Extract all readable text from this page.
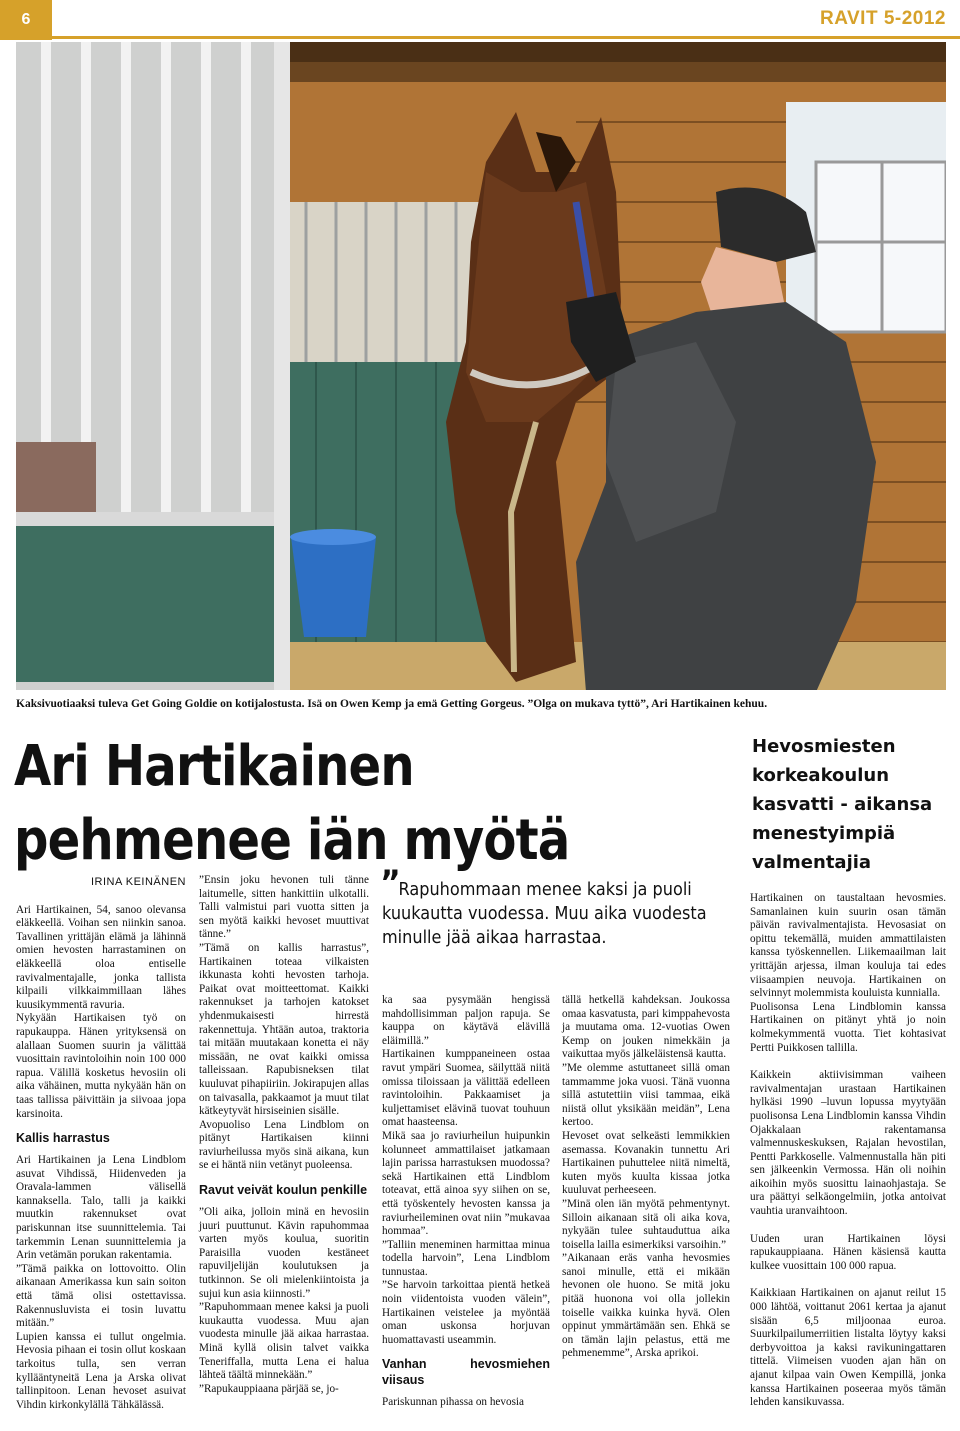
6	RAVIT 5-2012
Kaksivuotiaaksi tuleva Get Going Goldie on kotijalostusta. Isä on Owen Kemp ja emä Getting Gorgeus. ”Olga on mukava tyttö”, Ari Hartikainen kehuu.
Ari Hartikainen
pehmenee iän myötä
Hevosmiesten korkeakoulun kasvatti - aikansa menestyimpiä valmentajia
IRINA KEINÄNEN

Ari Hartikainen, 54, sanoo olevansa eläkkeellä. Voihan sen niinkin sanoa. Tavallinen yrittäjän elämä ja lähinnä omien hevosten harrastaminen on eläkkeellä oloa entiselle ravivalmentajalle, jonka tallista kilpaili vilkkaimmillaan lähes kuusikymmentä ravuria.

Nykyään Hartikaisen työ on rapukauppa. Hänen yrityksensä on alallaan Suomen suurin ja välittää vuosittain ravintoloihin noin 100 000 rapua. Välillä kosketus hevosiin oli aika vähäinen, mutta nykyään hän on taas tallissa päivittäin ja siivoaa jopa karsinoita.

Kallis harrastus

Ari Hartikainen ja Lena Lindblom asuvat Vihdissä, Hiidenveden ja Oravala-lammen välisellä kannaksella. Talo, talli ja kaikki muutkin rakennukset ovat pariskunnan itse suunnittelemia. Tai tarkemmin Lenan suunnittelemia ja Arin vetämän porukan rakentamia.

”Tämä paikka on lottovoitto. Olin aikanaan Amerikassa kun sain soiton että tämä olisi ostettavissa. Rakennusluvista ei tosin luvattu mitään.”

Lupien kanssa ei tullut ongelmia. Hevosia pihaan ei tosin ollut koskaan tarkoitus tulla, sen verran kyllääntyneitä Lena ja Arska olivat tallinpitoon. Lenan hevoset asuivat Vihdin kirkonkylällä Tähkälässä.

”Ensin joku hevonen tuli tänne laitumelle, sitten hankittiin ulkotalli. Talli valmistui pari vuotta sitten ja sen myötä kaikki hevoset muuttivat tänne.”

”Tämä on kallis harrastus”, Hartikainen toteaa vilkaisten ikkunasta kohti hevosten tarhoja. Paikat ovat moitteettomat. Kaikki rakennukset ja tarhojen katokset yhdenmukaisesti hirrestä rakennettuja. Yhtään autoa, traktoria tai mitään muutakaan konetta ei näy missään, ne ovat kaikki omissa talleissaan. Rapubisneksen tilat kuuluvat pihapiiriin. Jokirapujen allas on taivasalla, pakkaamot ja muut tilat kätkeytyvät hirsiseinien sisälle.

Avopuoliso Lena Lindblom on pitänyt Hartikaisen kiinni raviurheilussa myös sinä aikana, kun se ei häntä niin vetänyt puoleensa.

Ravut veivät koulun penkille

”Oli aika, jolloin minä en hevosiin juuri puuttunut. Kävin rapuhommaa varten myös koulua, suoritin Paraisilla vuoden kestäneet rapuviljelijän koulutuksen ja tutkinnon. Se oli mielenkiintoista ja sujui kun asia kiinnosti.”

”Rapuhommaan menee kaksi ja puoli kuukautta vuodessa. Muu ajan vuodesta minulle jää aikaa harrastaa. Minä kyllä olisin talvet vaikka Teneriffalla, mutta Lena ei halua lähteä täältä minnekään.”

”Rapukauppiaana pärjää se, jo-

”
Rapuhommaan menee kaksi ja puoli kuukautta vuodessa. Muu aika vuodesta minulle jää aikaa harrastaa.

ka saa pysymään hengissä mahdollisimman paljon rapuja. Se kauppa on käytävä elävillä eläimillä.”

Hartikainen kumppaneineen ostaa ravut ympäri Suomea, säilyttää niitä omissa tiloissaan ja välittää edelleen ravintoloihin. Pakkaamiset ja kuljettamiset elävinä tuovat touhuun omat haasteensa.

Mikä saa jo raviurheilun huipunkin kolunneet ammattilaiset jatkamaan lajin parissa harrastuksen muodossa? sekä Hartikainen että Lindblom toteavat, että ainoa syy siihen on se, että työskentely hevosten kanssa ja raviurheileminen ovat niin ”mukavaa hommaa”.

”Talliin meneminen harmittaa minua todella harvoin”, Lena Lindblom tunnustaa.

”Se harvoin tarkoittaa pientä hetkeä noin viidentoista vuoden välein”, Hartikainen veistelee ja myöntää oman uskonsa horjuvan huomattavasti useammin.

Vanhan hevosmiehen viisaus

Pariskunnan pihassa on hevosia

tällä hetkellä kahdeksan. Joukossa omaa kasvatusta, pari kimppahevosta ja muutama oma. 12-vuotias Owen Kemp on jouken nimekkäin ja vaikuttaa myös jälkeläistensä kautta.

”Me olemme astuttaneet sillä oman tammamme joka vuosi. Tänä vuonna sillä astutettiin viisi tammaa, eikä niistä ollut yksikään meidän”, Lena kertoo.

Hevoset ovat selkeästi lemmikkien asemassa. Kovanakin tunnettu Ari Hartikainen puhuttelee niitä nimeltä, kuten myös kuulta kissaa jotka kuuluvat perheeseen.

”Minä olen iän myötä pehmentynyt. Silloin aikanaan sitä oli aika kova, nykyään tulee suhtauduttua aika toisella lailla esimerkiksi varsoihin.”

”Aikanaan eräs vanha hevosmies sanoi minulle, että ei mikään hevonen ole huono. Se mitä joku pitää huonona voi olla jollekin toiselle vaikka kuinka hyvä. Olen oppinut ymmärtämään sen. Ehkä se on tämän lajin pelastus, että me pehmenemme”, Arska aprikoi.

Hartikainen on taustaltaan hevosmies. Samanlainen kuin suurin osan tämän päivän ravivalmentajista. Hevosasiat on opittu tekemällä, muiden ammattilaisten kanssa työskennellen. Liikemaailman lait yrittäjän arjessa, ilman kouluja tai edes viisaampien neuvoja. Hartikainen on selvinnyt molemmista kouluista kunnialla.

Puolisonsa Lena Lindblomin kanssa Hartikainen on pitänyt yhtä jo noin kolmekymmentä vuotta. Tiet kohtasivat Pertti Puikkosen tallilla.

Kaikkein aktiivisimman vaiheen ravivalmentajan urastaan Hartikainen hylkäsi 1990 –luvun lopussa myytyään puolisonsa Lena Lindblomin kanssa Vihdin Ojakkalaan rakentamansa valmennuskeskuksen, Rajalan hevostilan, Pentti Parkkoselle. Valmennustalla hän piti sen jälkeenkin Vermossa. Hän oli noihin aikoihin myös suosittu lainaohjastaja. Se ura päättyi selkäongelmiin, jotka antoivat vauhtia uranvaihtoon.

Uuden uran Hartikainen löysi rapukauppiaana. Hänen käsiensä kautta kulkee vuosittain 100 000 rapua.

Kaikkiaan Hartikainen on ajanut reilut 15 000 lähtöä, voittanut 2061 kertaa ja ajanut sisään 6,5 miljoonaa euroa. Suurkilpailumerriitien listalta löytyy kaksi derbyvoittoa ja kaksi ravikuningattaren tittelä. Viimeisen vuoden ajan hän on ajanut kilpaa vain Owen Kempillä, jonka kanssa Hartikainen poseeraa myös tämän lehden kansikuvassa.
